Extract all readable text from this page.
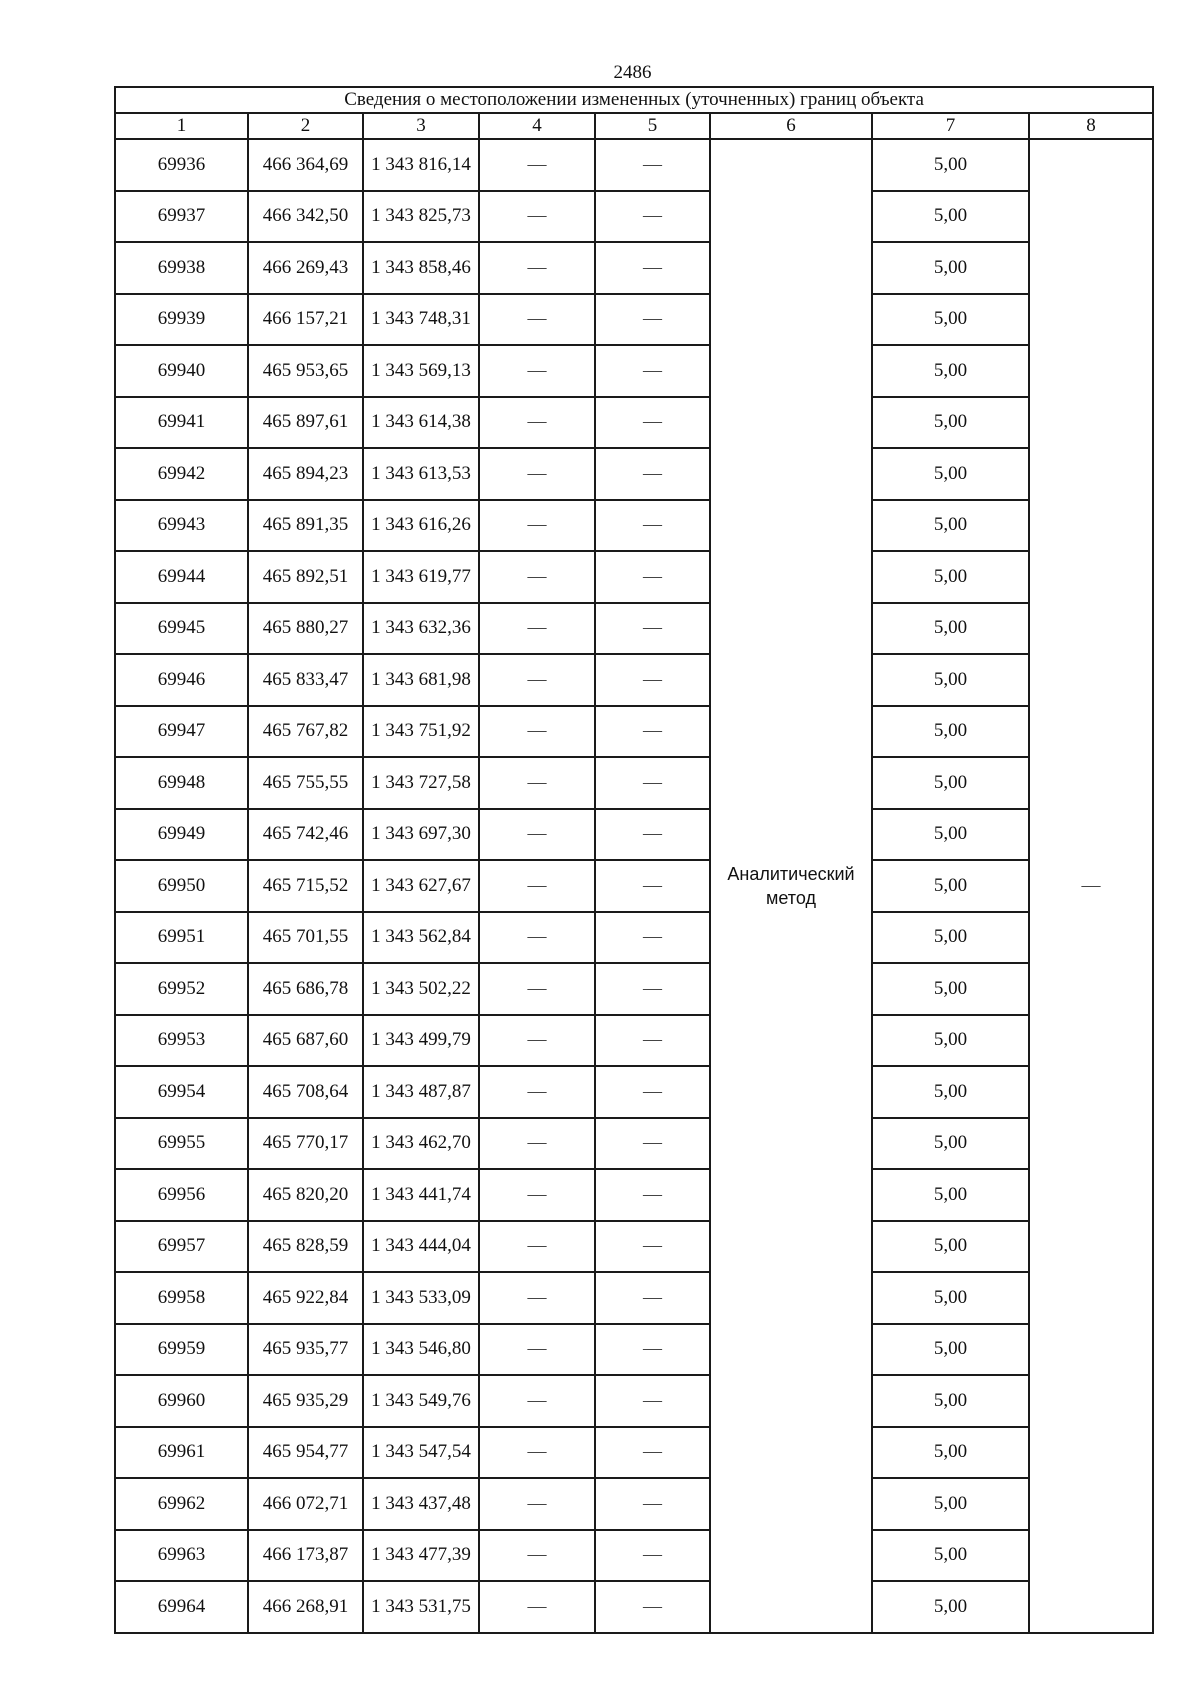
2486
Сведения о местоположении измененных (уточненных) границ объекта							
1	2	3	4	5	6	7	8
69936	466 364,69	1 343 816,14	—	—	Аналитический метод	5,00	—
69937	466 342,50	1 343 825,73	—	—		5,00	
69938	466 269,43	1 343 858,46	—	—		5,00	
69939	466 157,21	1 343 748,31	—	—		5,00	
69940	465 953,65	1 343 569,13	—	—		5,00	
69941	465 897,61	1 343 614,38	—	—		5,00	
69942	465 894,23	1 343 613,53	—	—		5,00	
69943	465 891,35	1 343 616,26	—	—		5,00	
69944	465 892,51	1 343 619,77	—	—		5,00	
69945	465 880,27	1 343 632,36	—	—		5,00	
69946	465 833,47	1 343 681,98	—	—		5,00	
69947	465 767,82	1 343 751,92	—	—		5,00	
69948	465 755,55	1 343 727,58	—	—		5,00	
69949	465 742,46	1 343 697,30	—	—		5,00	
69950	465 715,52	1 343 627,67	—	—		5,00	
69951	465 701,55	1 343 562,84	—	—		5,00	
69952	465 686,78	1 343 502,22	—	—		5,00	
69953	465 687,60	1 343 499,79	—	—		5,00	
69954	465 708,64	1 343 487,87	—	—		5,00	
69955	465 770,17	1 343 462,70	—	—		5,00	
69956	465 820,20	1 343 441,74	—	—		5,00	
69957	465 828,59	1 343 444,04	—	—		5,00	
69958	465 922,84	1 343 533,09	—	—		5,00	
69959	465 935,77	1 343 546,80	—	—		5,00	
69960	465 935,29	1 343 549,76	—	—		5,00	
69961	465 954,77	1 343 547,54	—	—		5,00	
69962	466 072,71	1 343 437,48	—	—		5,00	
69963	466 173,87	1 343 477,39	—	—		5,00	
69964	466 268,91	1 343 531,75	—	—		5,00	
